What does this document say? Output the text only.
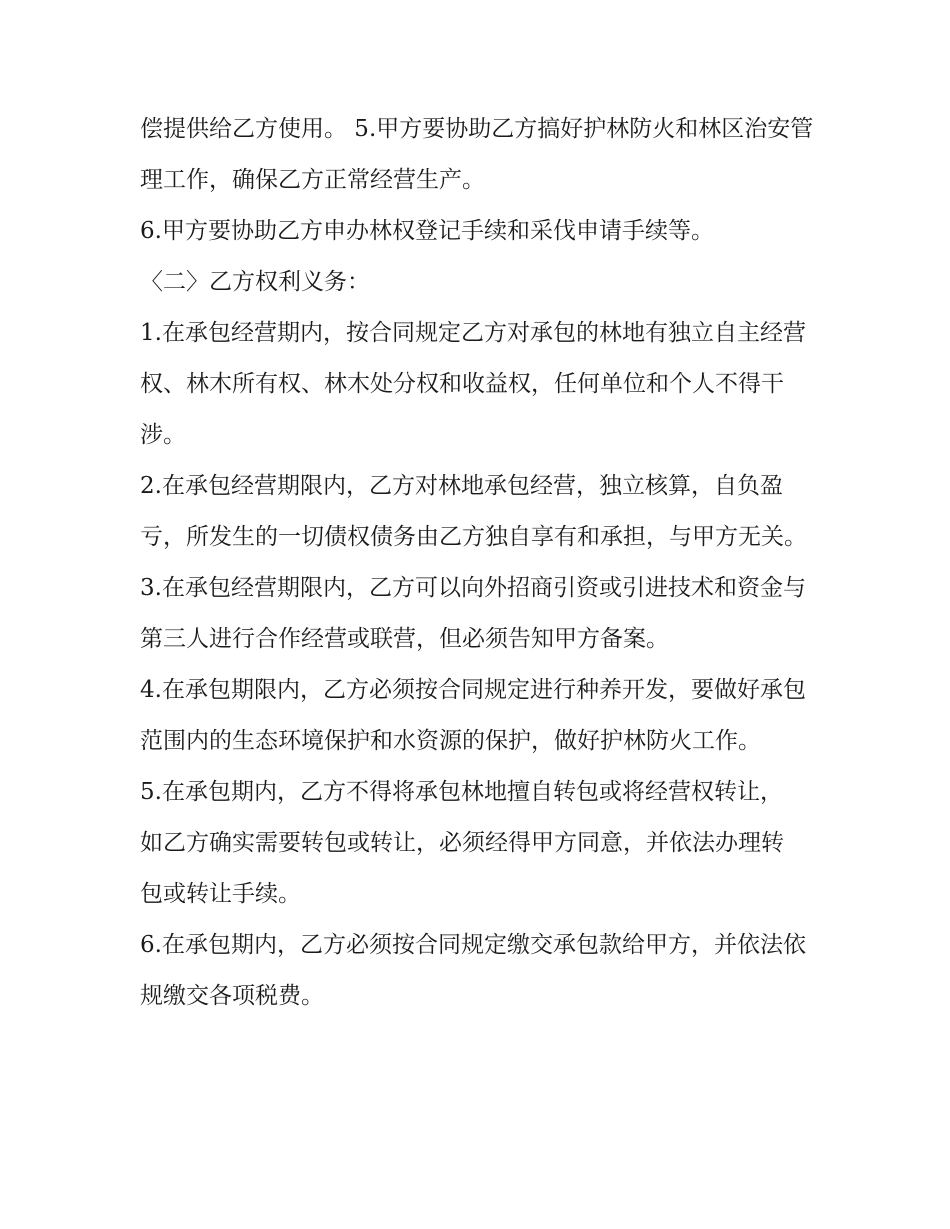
偿提供给乙方使用。 5.甲方要协助乙方搞好护林防火和林区治安管理工作，确保乙方正常经营生产。

6.甲方要协助乙方申办林权登记手续和采伐申请手续等。

〈二〉乙方权利义务：

1.在承包经营期内，按合同规定乙方对承包的林地有独立自主经营权、林木所有权、林木处分权和收益权，任何单位和个人不得干涉。

2.在承包经营期限内，乙方对林地承包经营，独立核算，自负盈亏，所发生的一切债权债务由乙方独自享有和承担，与甲方无关。

3.在承包经营期限内，乙方可以向外招商引资或引进技术和资金与第三人进行合作经营或联营，但必须告知甲方备案。

4.在承包期限内，乙方必须按合同规定进行种养开发，要做好承包范围内的生态环境保护和水资源的保护，做好护林防火工作。

5.在承包期内，乙方不得将承包林地擅自转包或将经营权转让，如乙方确实需要转包或转让，必须经得甲方同意，并依法办理转包或转让手续。

6.在承包期内，乙方必须按合同规定缴交承包款给甲方，并依法依规缴交各项税费。
